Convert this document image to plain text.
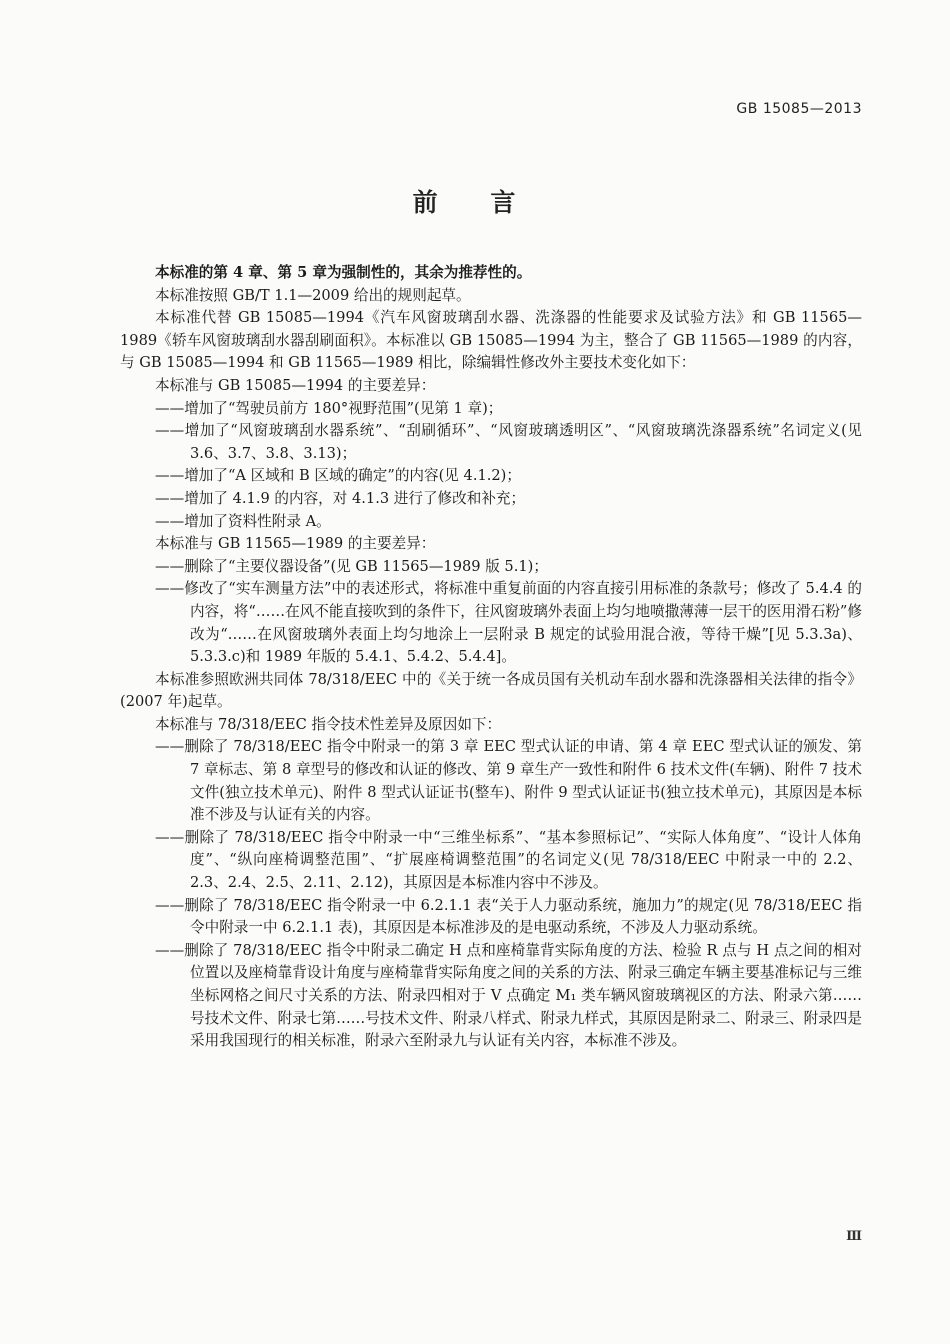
GB 15085—2013
前 言

本标准的第 4 章、第 5 章为强制性的，其余为推荐性的。

本标准按照 GB/T 1.1—2009 给出的规则起草。

本标准代替 GB 15085—1994《汽车风窗玻璃刮水器、洗涤器的性能要求及试验方法》和 GB 11565—1989《轿车风窗玻璃刮水器刮刷面积》。本标准以 GB 15085—1994 为主，整合了 GB 11565—1989 的内容，与 GB 15085—1994 和 GB 11565—1989 相比，除编辑性修改外主要技术变化如下：

本标准与 GB 15085—1994 的主要差异：

——增加了“驾驶员前方 180°视野范围”(见第 1 章)；

——增加了“风窗玻璃刮水器系统”、“刮刷循环”、“风窗玻璃透明区”、“风窗玻璃洗涤器系统”名词定义(见 3.6、3.7、3.8、3.13)；

——增加了“A 区域和 B 区域的确定”的内容(见 4.1.2)；

——增加了 4.1.9 的内容，对 4.1.3 进行了修改和补充；

——增加了资料性附录 A。

本标准与 GB 11565—1989 的主要差异：

——删除了“主要仪器设备”(见 GB 11565—1989 版 5.1)；

——修改了“实车测量方法”中的表述形式，将标准中重复前面的内容直接引用标准的条款号；修改了 5.4.4 的内容，将“……在风不能直接吹到的条件下，往风窗玻璃外表面上均匀地喷撒薄薄一层干的医用滑石粉”修改为“……在风窗玻璃外表面上均匀地涂上一层附录 B 规定的试验用混合液，等待干燥”[见 5.3.3a)、5.3.3.c)和 1989 年版的 5.4.1、5.4.2、5.4.4]。

本标准参照欧洲共同体 78/318/EEC 中的《关于统一各成员国有关机动车刮水器和洗涤器相关法律的指令》(2007 年)起草。

本标准与 78/318/EEC 指令技术性差异及原因如下：

——删除了 78/318/EEC 指令中附录一的第 3 章 EEC 型式认证的申请、第 4 章 EEC 型式认证的颁发、第 7 章标志、第 8 章型号的修改和认证的修改、第 9 章生产一致性和附件 6 技术文件(车辆)、附件 7 技术文件(独立技术单元)、附件 8 型式认证证书(整车)、附件 9 型式认证证书(独立技术单元)，其原因是本标准不涉及与认证有关的内容。

——删除了 78/318/EEC 指令中附录一中“三维坐标系”、“基本参照标记”、“实际人体角度”、“设计人体角度”、“纵向座椅调整范围”、“扩展座椅调整范围”的名词定义(见 78/318/EEC 中附录一中的 2.2、2.3、2.4、2.5、2.11、2.12)，其原因是本标准内容中不涉及。

——删除了 78/318/EEC 指令附录一中 6.2.1.1 表“关于人力驱动系统，施加力”的规定(见 78/318/EEC 指令中附录一中 6.2.1.1 表)，其原因是本标准涉及的是电驱动系统，不涉及人力驱动系统。

——删除了 78/318/EEC 指令中附录二确定 H 点和座椅靠背实际角度的方法、检验 R 点与 H 点之间的相对位置以及座椅靠背设计角度与座椅靠背实际角度之间的关系的方法、附录三确定车辆主要基准标记与三维坐标网格之间尺寸关系的方法、附录四相对于 V 点确定 M₁ 类车辆风窗玻璃视区的方法、附录六第……号技术文件、附录七第……号技术文件、附录八样式、附录九样式，其原因是附录二、附录三、附录四是采用我国现行的相关标准，附录六至附录九与认证有关内容，本标准不涉及。

Ⅲ
